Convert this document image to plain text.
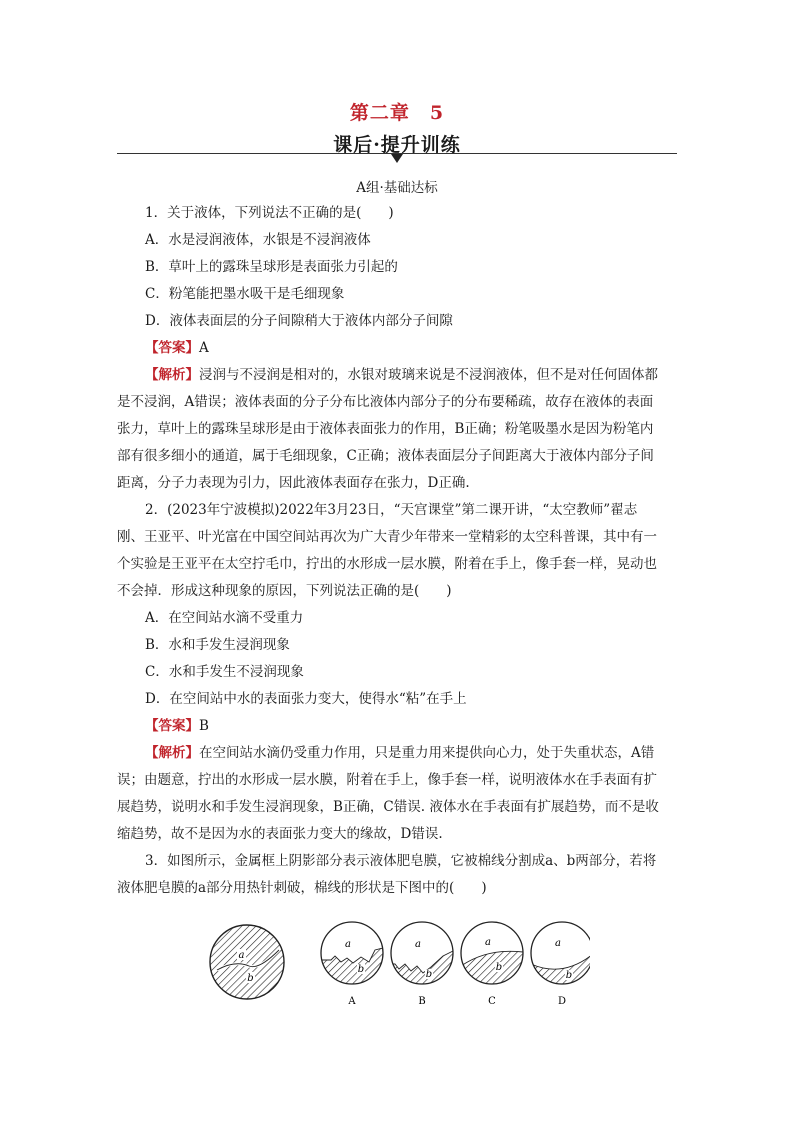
第二章　5
课后·提升训练
A组·基础达标
1．关于液体，下列说法不正确的是(　　)
A．水是浸润液体，水银是不浸润液体
B．草叶上的露珠呈球形是表面张力引起的
C．粉笔能把墨水吸干是毛细现象
D．液体表面层的分子间隙稍大于液体内部分子间隙
【答案】A
【解析】浸润与不浸润是相对的，水银对玻璃来说是不浸润液体，但不是对任何固体都
是不浸润，A错误；液体表面的分子分布比液体内部分子的分布要稀疏，故存在液体的表面
张力，草叶上的露珠呈球形是由于液体表面张力的作用，B正确；粉笔吸墨水是因为粉笔内
部有很多细小的通道，属于毛细现象，C正确；液体表面层分子间距离大于液体内部分子间
距离，分子力表现为引力，因此液体表面存在张力，D正确.
2．(2023年宁波模拟)2022年3月23日，“天宫课堂”第二课开讲，“太空教师”翟志
刚、王亚平、叶光富在中国空间站再次为广大青少年带来一堂精彩的太空科普课，其中有一
个实验是王亚平在太空拧毛巾，拧出的水形成一层水膜，附着在手上，像手套一样，晃动也
不会掉．形成这种现象的原因，下列说法正确的是(　　)
A．在空间站水滴不受重力
B．水和手发生浸润现象
C．水和手发生不浸润现象
D．在空间站中水的表面张力变大，使得水“粘”在手上
【答案】B
【解析】在空间站水滴仍受重力作用，只是重力用来提供向心力，处于失重状态，A错
误；由题意，拧出的水形成一层水膜，附着在手上，像手套一样，说明液体水在手表面有扩
展趋势，说明水和手发生浸润现象，B正确，C错误. 液体水在手表面有扩展趋势，而不是收
缩趋势，故不是因为水的表面张力变大的缘故，D错误.
3．如图所示，金属框上阴影部分表示液体肥皂膜，它被棉线分割成a、b两部分，若将
液体肥皂膜的a部分用热针刺破，棉线的形状是下图中的(　　)
a
b
a
b
A
a
b
B
a
b
C
a
b
D
